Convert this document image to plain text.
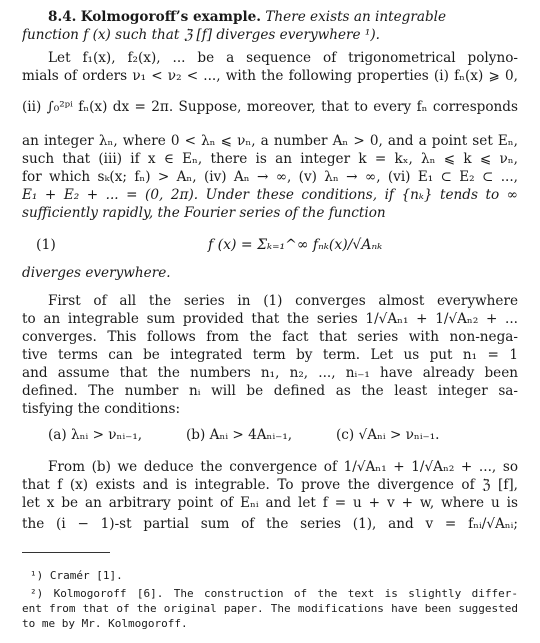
8.4. Kolmogoroff’s example. There exists an integrable
function f (x) such that ℨ [f] diverges everywhere ¹).
Let f₁(x), f₂(x), ... be a sequence of trigonometrical polyno-
mials of orders ν₁ < ν₂ < ..., with the following properties (i) fₙ(x) ⩾ 0,
(ii) ∫₀²ᵖⁱ fₙ(x) dx = 2π. Suppose, moreover, that to every fₙ corresponds
an integer λₙ, where 0 < λₙ ⩽ νₙ, a number Aₙ > 0, and a point set Eₙ,
such that (iii) if x ∈ Eₙ, there is an integer k = kₓ, λₙ ⩽ k ⩽ νₙ,
for which sₖ(x; fₙ) > Aₙ, (iv) Aₙ → ∞, (v) λₙ → ∞, (vi) E₁ ⊂ E₂ ⊂ ...,
E₁ + E₂ + ... = (0, 2π). Under these conditions, if {nₖ} tends to ∞
sufficiently rapidly, the Fourier series of the function
(1)	f (x) = Σₖ₌₁^∞ fₙₖ(x)/√Aₙₖ
diverges everywhere.
First of all the series in (1) converges almost everywhere
to an integrable sum provided that the series 1/√Aₙ₁ + 1/√Aₙ₂ + ...
converges. This follows from the fact that series with non-nega-
tive terms can be integrated term by term. Let us put n₁ = 1
and assume that the numbers n₁, n₂, ..., nᵢ₋₁ have already been
defined. The number nᵢ will be defined as the least integer sa-
tisfying the conditions:
(a) λₙᵢ > νₙᵢ₋₁,	(b) Aₙᵢ > 4Aₙᵢ₋₁,	(c) √Aₙᵢ > νₙᵢ₋₁.
From (b) we deduce the convergence of 1/√Aₙ₁ + 1/√Aₙ₂ + ..., so
that f (x) exists and is integrable. To prove the divergence of ℨ [f],
let x be an arbitrary point of Eₙᵢ and let f = u + v + w, where u is
the (i − 1)-st partial sum of the series (1), and v = fₙᵢ/√Aₙᵢ;
¹) Cramér [1].
²) Kolmogoroff [6]. The construction of the text is slightly differ-
ent from that of the original paper. The modifications have been suggested
to me by Mr. Kolmogoroff.
